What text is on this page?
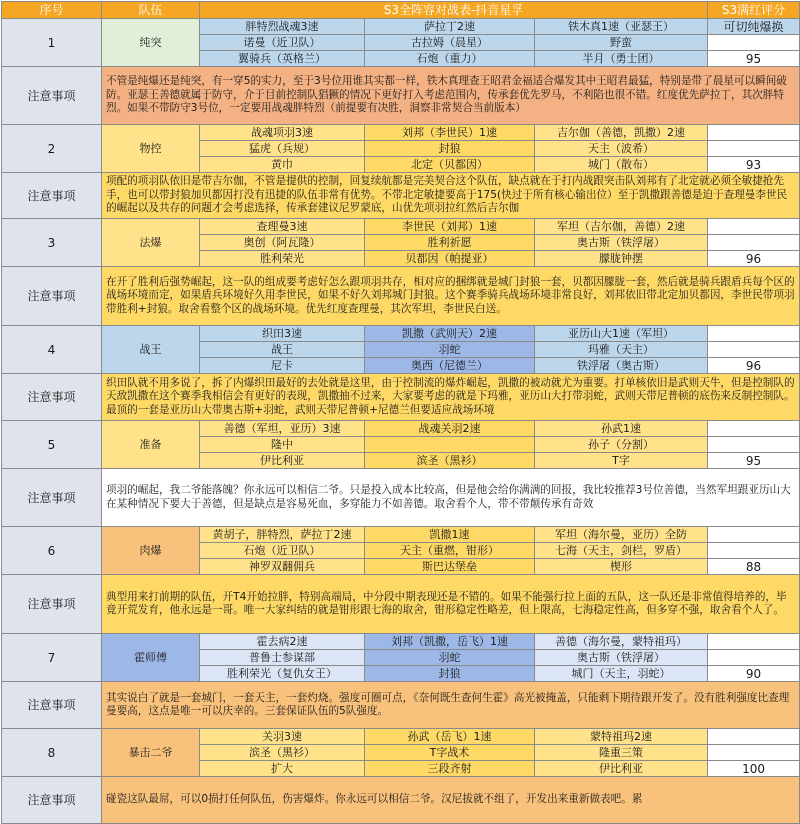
序号	队伍	S3全阵容对战表-抖音星孚			S3满红评分
1	纯突	胖特烈战魂3速	萨拉丁2速	铁木真1速（亚瑟王）	可切纯爆换
		诺曼（近卫队）	古拉姆（晨星）	野蛮	
		翼骑兵（英格兰）	石炮（重力）	半月（勇士团）	95
注意事项	不管是纯爆还是纯突，有一穿5的实力，至于3号位用谁其实都一样，铁木真理查王昭君金福适合爆发其中王昭君最猛，特别是带了晨星可以瞬间破防。亚瑟王善德就属于防守，介于目前控制队猖獗的情况下更好打入考虑范围内，传承套优先罗马，不利陷也很不错。红度优先萨拉丁，其次胖特烈。如果不带防守3号位，一定要用战魂胖特烈（前提要有决胜，洞察非常契合当前版本）				
2	物控	战魂项羽3速	刘邦（李世民）1速	吉尔伽（善德，凯撒）2速	
		猛虎（兵规）	封狼	天主（波希）	
		黄巾	北定（贝都因）	城门（散布）	93
注意事项	项配的项羽队依旧是带吉尔伽，不管是提供的控制，回复续航都是完美契合这个队伍，缺点就在于打内战跟突击队刘邦有了北定就必须全敏捷抢先手，也可以带封狼加贝都因打没有迅捷的队伍非常有优势。不带北定敏捷要高于175(快过于所有核心输出位）至于凯撒跟善德是迫于查理曼李世民的崛起以及共存的问题才会考虑选择，传承套建议尼罗蒙底，山优先项羽拉红然后吉尔伽				
3	法爆	查理曼3速	李世民（刘邦）1速	军坦（吉尔伽，善德）2速	
		奥创（阿瓦隆）	胜利祈愿	奥古斯（铁浮屠）	
		胜利荣光	贝都因（帕提亚）	朦胧钟摆	96
注意事项	在开了胜利后强势崛起，这一队的组成要考虑好怎么跟项羽共存，相对应的捆绑就是城门封狼一套，贝都因朦胧一套，然后就是骑兵跟盾兵每个区的战场环境而定，如果盾兵环境好久用李世民，如果不好久刘邦城门封狼。这个赛季骑兵战场环境非常良好，刘邦依旧带北定加贝都因，李世民带项羽带胜利+封狼。取舍看整个区的战场环境。优先红度查理曼，其次军坦，李世民白送。				
4	战王	织田3速	凯撒（武则天）2速	亚历山大1速（军坦）	
		战王	羽蛇	玛雅（天主）	
		尼卡	奥西（尼德兰）	铁浮屠（奥古斯）	96
注意事项	织田队就不用多说了，拆了内爆织田最好的去处就是这里，由于控制流的爆炸崛起，凯撒的被动就尤为重要。打单核依旧是武则天牛，但是控制队的天敌凯撒在这个赛季我相信会有更好的表现，凯撒抽不过来，大家要考虑的就是下玛雅，亚历山大打带羽蛇，武则天带尼普顿的底伤来反制控制队。最顶的一套是亚历山大带奥古斯+羽蛇，武则天带尼普顿+尼德兰但要适应战场环境				
5	准备	善德（军坦，亚历）3速	战魂关羽2速	孙武1速	
		隆中		孙子（分割）	
		伊比利亚	滨圣（黑衫）	T字	95
注意事项	项羽的崛起，我二爷能落魄？你永远可以相信二爷。只是投入成本比较高，但是他会给你满满的回报，我比较推荐3号位善德，当然军坦跟亚历山大在某种情况下要大于善德，但是缺点是容易死血，多穿能力不如善德。取舍看个人，带不带颠传承有奇效				
6	肉爆	黄胡子，胖特烈，萨拉丁2速	凯撒1速	军坦（海尔曼，亚历）全防	
		石炮（近卫队）	天主（重燃，钳形）	七海（天主，剑栏，罗盾）	
		神罗双翻佣兵	斯巴达堡垒	楔形	88
注意事项	典型用来打前期的队伍，开T4开始拉胖，特别高端局，中分段中期表现还是不错的。如果不能强行拉上面的五队，这一队还是非常值得培养的，毕竟开荒发育，他永远是一哥。唯一大家纠结的就是钳形跟七海的取舍，钳形稳定性略差，但上限高，七海稳定性高，但多穿不强，取舍看个人了。				
7	霍师傅	霍去病2速	刘邦（凯撒，岳飞）1速	善德（海尔曼，蒙特祖玛）	
		普鲁士参谋部	羽蛇	奥古斯（铁浮屠）	
		胜利荣光（复仇女王）	封狼	城门（天主，羽蛇）	90
注意事项	其实说白了就是一套城门，一套天主，一套灼烧。强度可圈可点，《奈何既生查何生霍》高光被掩盖，只能剩下期待跟开发了。没有胜利强度比查理曼要高，这点是唯一可以庆幸的。三套保证队伍的5队强度。				
8	暴击二爷	关羽3速	孙武（岳飞）1速	蒙特祖玛2速	
		滨圣（黑衫）	T字战术	隆重三策	
		扩大	三段齐射	伊比利亚	100
注意事项	碰瓷这队最屌，可以0损打任何队伍，伤害爆炸。你永远可以相信二爷。汉尼拔就不组了，开发出来重新做表吧。累				
